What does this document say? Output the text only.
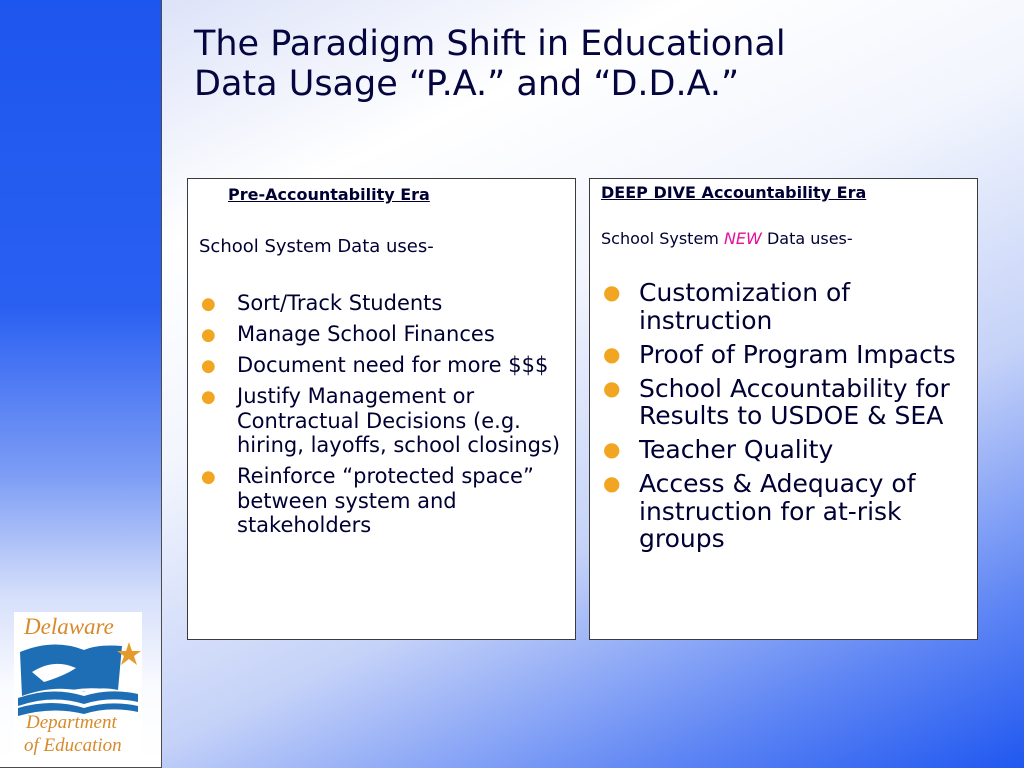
Delaware
Department
of Education
The Paradigm Shift in Educational
Data Usage “P.A.” and “D.D.A.”

Pre-Accountability Era

School System Data uses-

● Sort/Track Students
● Manage School Finances
● Document need for more $$$
● Justify Management or Contractual Decisions (e.g. hiring, layoffs, school closings)
● Reinforce “protected space” between system and stakeholders

DEEP DIVE Accountability Era

School System NEW Data uses-

● Customization of instruction
● Proof of Program Impacts
● School Accountability for Results to USDOE & SEA
● Teacher Quality
● Access & Adequacy of instruction for at-risk groups
